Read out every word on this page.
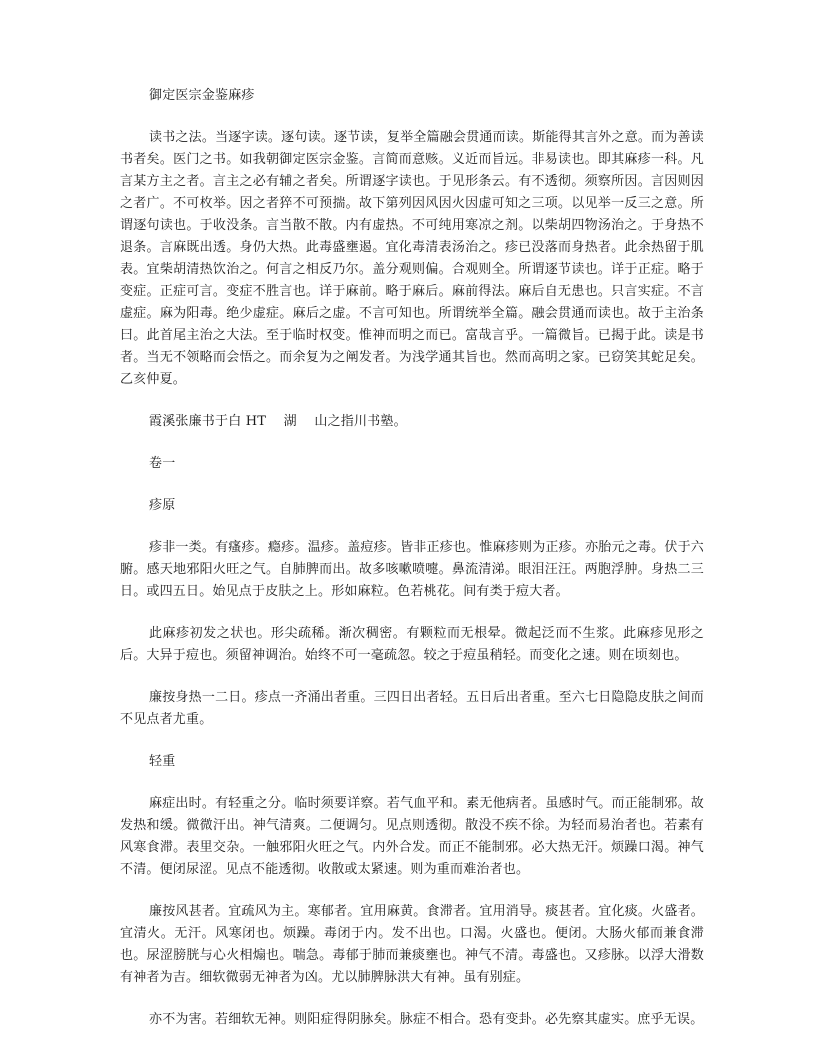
御定医宗金鉴麻疹

读书之法。当逐字读。逐句读。逐节读，复举全篇融会贯通而读。斯能得其言外之意。而为善读书者矣。医门之书。如我朝御定医宗金鉴。言简而意赅。义近而旨远。非易读也。即其麻疹一科。凡言某方主之者。言主之必有辅之者矣。所谓逐字读也。于见形条云。有不透彻。须察所因。言因则因之者广。不可枚举。因之者猝不可预揣。故下第列因风因火因虚可知之三项。以见举一反三之意。所谓逐句读也。于收没条。言当散不散。内有虚热。不可纯用寒凉之剂。以柴胡四物汤治之。于身热不退条。言麻既出透。身仍大热。此毒盛壅遏。宜化毒清表汤治之。疹已没落而身热者。此余热留于肌表。宜柴胡清热饮治之。何言之相反乃尔。盖分观则偏。合观则全。所谓逐节读也。详于正症。略于变症。正症可言。变症不胜言也。详于麻前。略于麻后。麻前得法。麻后自无患也。只言实症。不言虚症。麻为阳毒。绝少虚症。麻后之虚。不言可知也。所谓统举全篇。融会贯通而读也。故于主治条曰。此首尾主治之大法。至于临时权变。惟神而明之而已。富哉言乎。一篇微旨。已揭于此。读是书者。当无不领略而会悟之。而余复为之阐发者。为浅学通其旨也。然而高明之家。已窃笑其蛇足矣。乙亥仲夏。

霞溪张廉书于白 HT　 湖　 山之指川书塾。

卷一
疹原

疹非一类。有瘙疹。瘾疹。温疹。盖痘疹。皆非正疹也。惟麻疹则为正疹。亦胎元之毒。伏于六腑。感天地邪阳火旺之气。自肺脾而出。故多咳嗽喷嚏。鼻流清涕。眼泪汪汪。两胞浮肿。身热二三日。或四五日。始见点于皮肤之上。形如麻粒。色若桃花。间有类于痘大者。

此麻疹初发之状也。形尖疏稀。渐次稠密。有颗粒而无根晕。微起泛而不生浆。此麻疹见形之后。大异于痘也。须留神调治。始终不可一毫疏忽。较之于痘虽稍轻。而变化之速。则在顷刻也。

廉按身热一二日。疹点一齐涌出者重。三四日出者轻。五日后出者重。至六七日隐隐皮肤之间而不见点者尤重。

轻重

麻症出时。有轻重之分。临时须要详察。若气血平和。素无他病者。虽感时气。而正能制邪。故发热和缓。微微汗出。神气清爽。二便调匀。见点则透彻。散没不疾不徐。为轻而易治者也。若素有风寒食滞。表里交杂。一触邪阳火旺之气。内外合发。而正不能制邪。必大热无汗。烦躁口渴。神气不清。便闭尿涩。见点不能透彻。收散或太紧速。则为重而难治者也。

廉按风甚者。宜疏风为主。寒郁者。宜用麻黄。食滞者。宜用消导。痰甚者。宜化痰。火盛者。宜清火。无汗。风寒闭也。烦躁。毒闭于内。发不出也。口渴。火盛也。便闭。大肠火郁而兼食滞也。尿涩膀胱与心火相煽也。喘急。毒郁于肺而兼痰壅也。神气不清。毒盛也。又疹脉。以浮大滑数有神者为吉。细软微弱无神者为凶。尤以肺脾脉洪大有神。虽有别症。

亦不为害。若细软无神。则阳症得阴脉矣。脉症不相合。恐有变卦。必先察其虚实。庶乎无误。
